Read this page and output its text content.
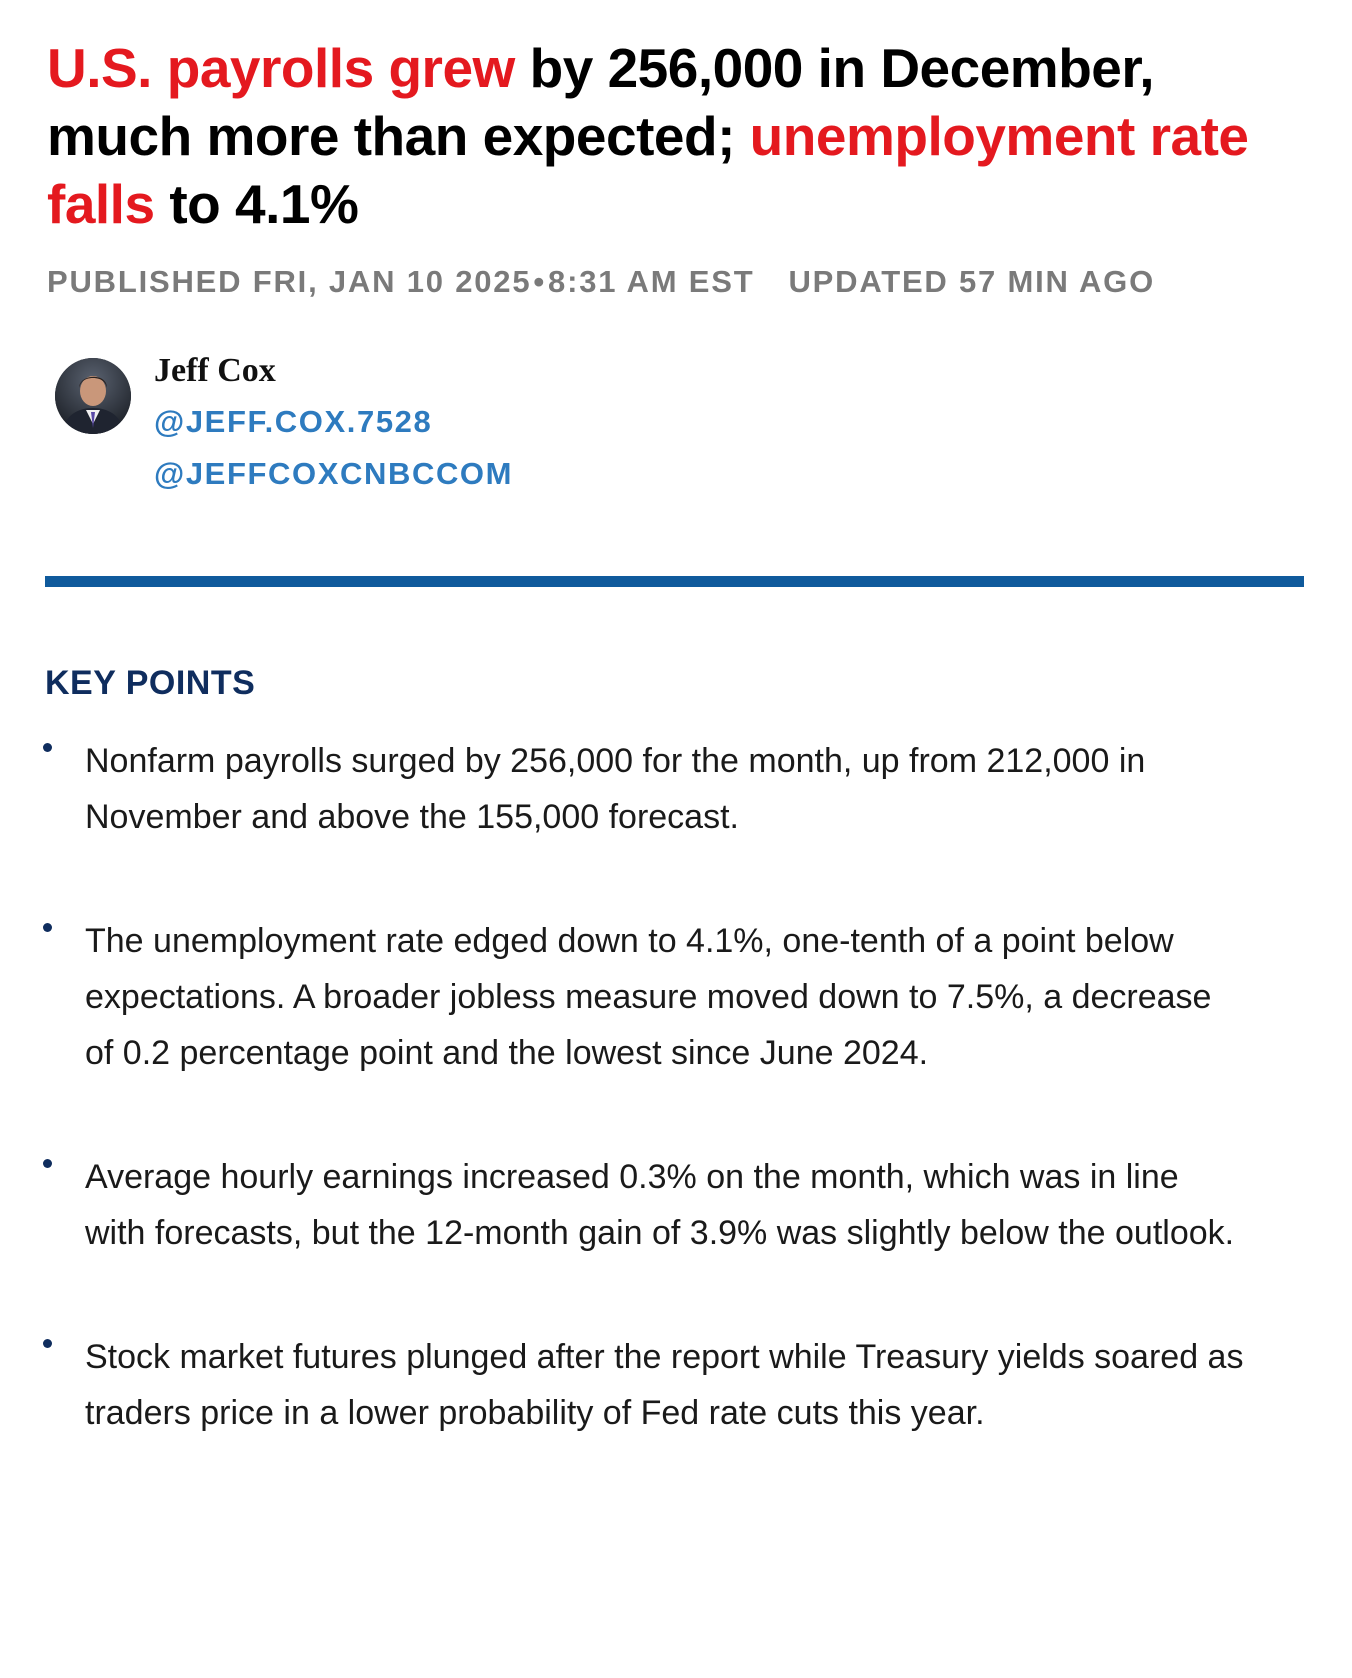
U.S. payrolls grew by 256,000 in December, much more than expected; unemployment rate falls to 4.1%
PUBLISHED FRI, JAN 10 2025 • 8:31 AM EST UPDATED 57 MIN AGO
Jeff Cox
@JEFF.COX.7528
@JEFFCOXCNBCCOM
KEY POINTS
Nonfarm payrolls surged by 256,000 for the month, up from 212,000 in November and above the 155,000 forecast.
The unemployment rate edged down to 4.1%, one-tenth of a point below expectations. A broader jobless measure moved down to 7.5%, a decrease of 0.2 percentage point and the lowest since June 2024.
Average hourly earnings increased 0.3% on the month, which was in line with forecasts, but the 12-month gain of 3.9% was slightly below the outlook.
Stock market futures plunged after the report while Treasury yields soared as traders price in a lower probability of Fed rate cuts this year.
